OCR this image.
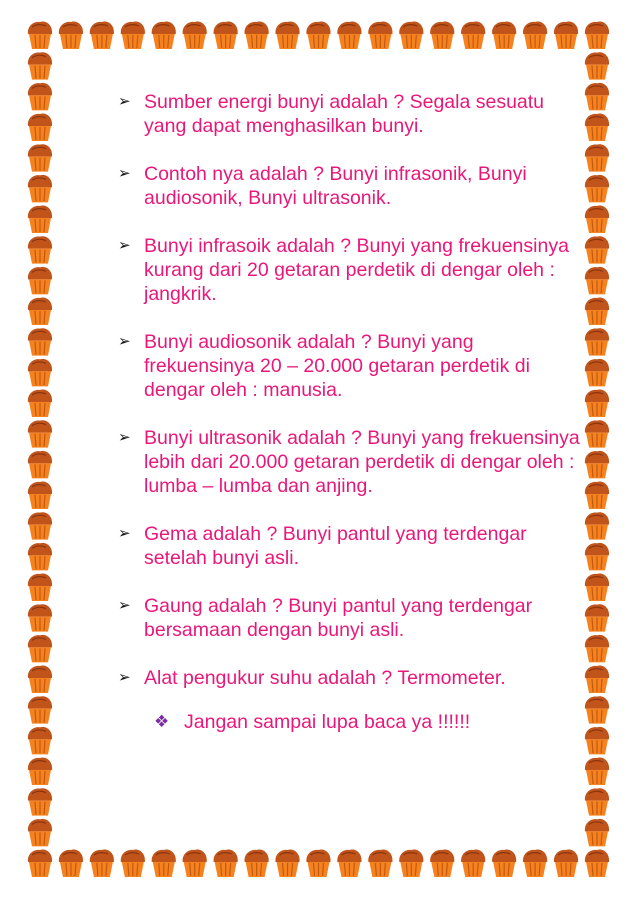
➢ Sumber energi bunyi adalah ? Segala sesuatu yang dapat menghasilkan bunyi.
➢ Contoh nya adalah ? Bunyi infrasonik, Bunyi audiosonik, Bunyi ultrasonik.
➢ Bunyi infrasoik adalah ? Bunyi yang frekuensinya kurang dari 20 getaran perdetik di dengar oleh : jangkrik.
➢ Bunyi audiosonik adalah ? Bunyi yang frekuensinya 20 – 20.000 getaran perdetik di dengar oleh : manusia.
➢ Bunyi ultrasonik adalah ? Bunyi yang frekuensinya lebih dari 20.000 getaran perdetik di dengar oleh : lumba – lumba dan anjing.
➢ Gema adalah ? Bunyi pantul yang terdengar setelah bunyi asli.
➢ Gaung adalah ? Bunyi pantul yang terdengar bersamaan dengan bunyi asli.
➢ Alat pengukur suhu adalah ? Termometer.
❖ Jangan sampai lupa baca ya !!!!!!
